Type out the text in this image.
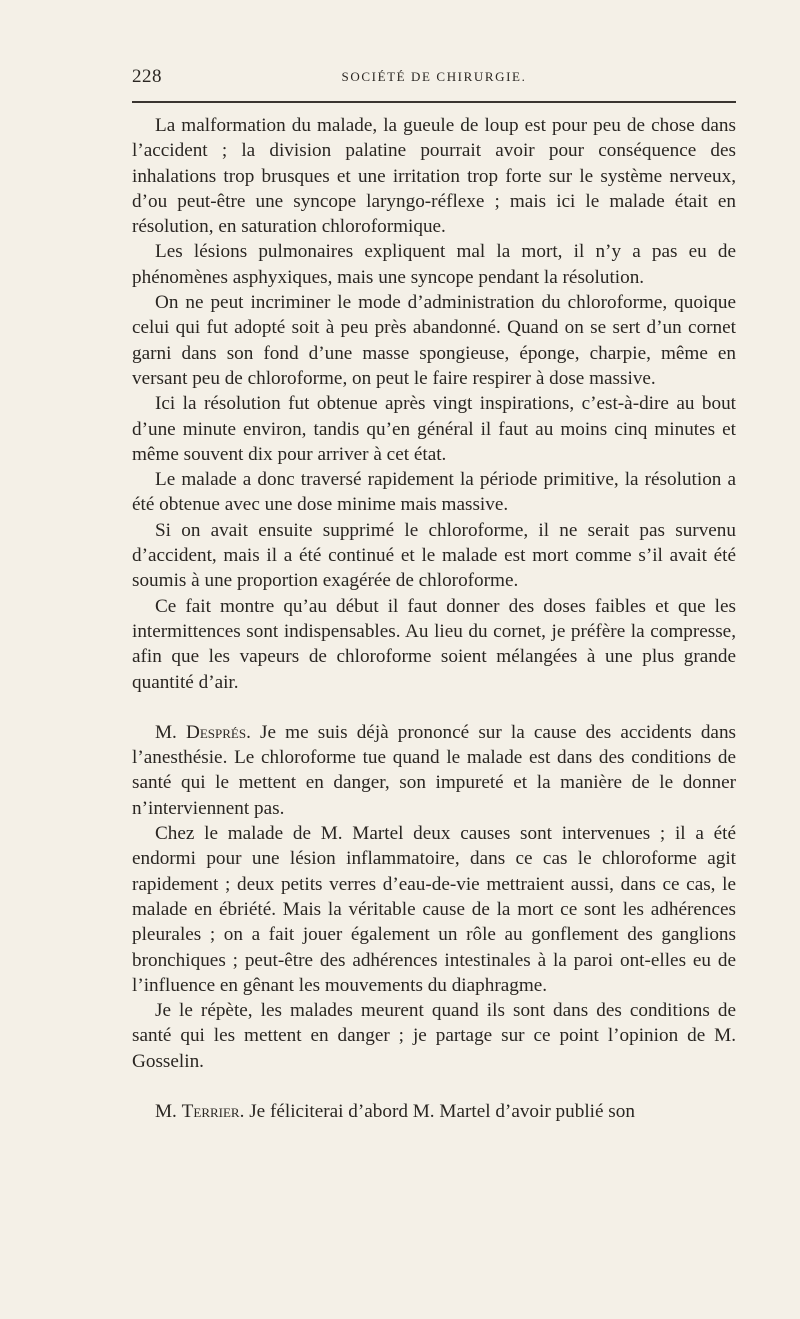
228	SOCIÉTÉ DE CHIRURGIE.

La malformation du malade, la gueule de loup est pour peu de chose dans l’accident ; la division palatine pourrait avoir pour conséquence des inhalations trop brusques et une irritation trop forte sur le système nerveux, d’ou peut-être une syncope laryngo-réflexe ; mais ici le malade était en résolution, en saturation chloroformique.

Les lésions pulmonaires expliquent mal la mort, il n’y a pas eu de phénomènes asphyxiques, mais une syncope pendant la résolution.

On ne peut incriminer le mode d’administration du chloroforme, quoique celui qui fut adopté soit à peu près abandonné. Quand on se sert d’un cornet garni dans son fond d’une masse spongieuse, éponge, charpie, même en versant peu de chloroforme, on peut le faire respirer à dose massive.

Ici la résolution fut obtenue après vingt inspirations, c’est-à-dire au bout d’une minute environ, tandis qu’en général il faut au moins cinq minutes et même souvent dix pour arriver à cet état.

Le malade a donc traversé rapidement la période primitive, la résolution a été obtenue avec une dose minime mais massive.

Si on avait ensuite supprimé le chloroforme, il ne serait pas survenu d’accident, mais il a été continué et le malade est mort comme s’il avait été soumis à une proportion exagérée de chloroforme.

Ce fait montre qu’au début il faut donner des doses faibles et que les intermittences sont indispensables. Au lieu du cornet, je préfère la compresse, afin que les vapeurs de chloroforme soient mélangées à une plus grande quantité d’air.

M. Després. Je me suis déjà prononcé sur la cause des accidents dans l’anesthésie. Le chloroforme tue quand le malade est dans des conditions de santé qui le mettent en danger, son impureté et la manière de le donner n’interviennent pas.

Chez le malade de M. Martel deux causes sont intervenues ; il a été endormi pour une lésion inflammatoire, dans ce cas le chloroforme agit rapidement ; deux petits verres d’eau-de-vie mettraient aussi, dans ce cas, le malade en ébriété. Mais la véritable cause de la mort ce sont les adhérences pleurales ; on a fait jouer également un rôle au gonflement des ganglions bronchiques ; peut-être des adhérences intestinales à la paroi ont-elles eu de l’influence en gênant les mouvements du diaphragme.

Je le répète, les malades meurent quand ils sont dans des conditions de santé qui les mettent en danger ; je partage sur ce point l’opinion de M. Gosselin.

M. Terrier. Je féliciterai d’abord M. Martel d’avoir publié son
